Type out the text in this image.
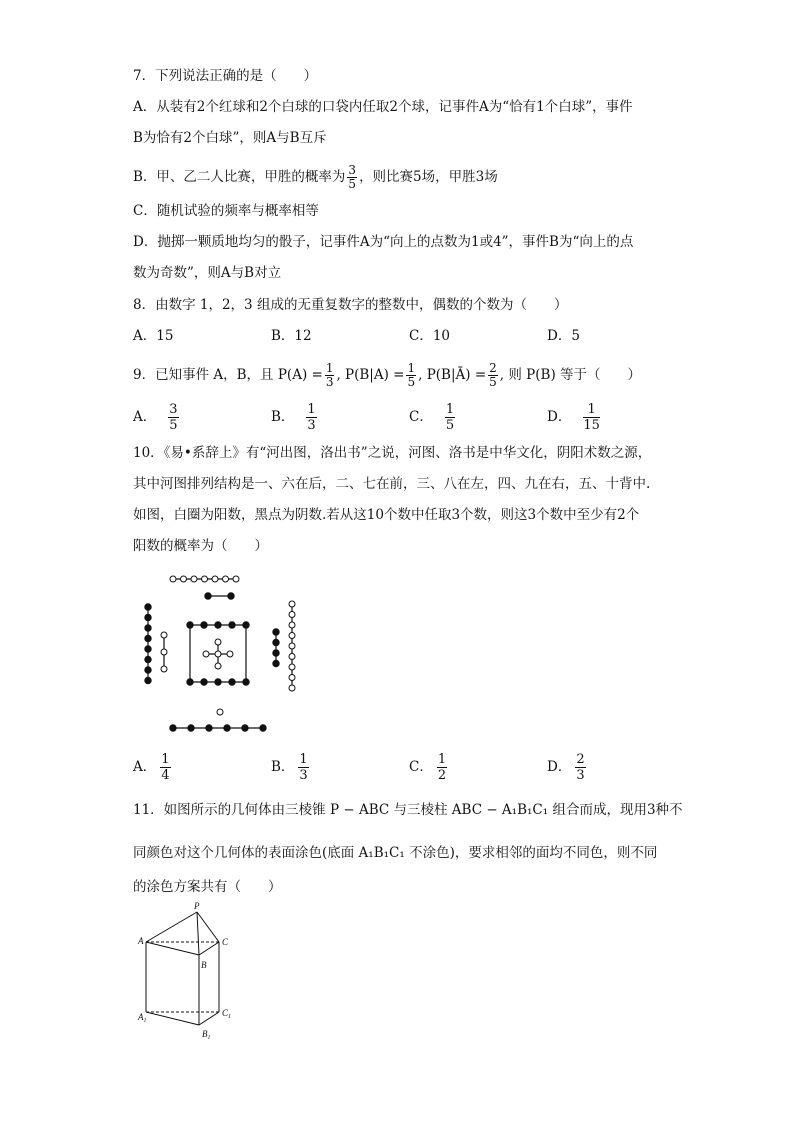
7．下列说法正确的是（　　）
A．从装有2个红球和2个白球的口袋内任取2个球，记事件A为“恰有1个白球”，事件
B为恰有2个白球”，则A与B互斥
B．甲、乙二人比赛，甲胜的概率为 $\frac{3}{5}$ ，则比赛5场，甲胜3场
C．随机试验的频率与概率相等
D．抛掷一颗质地均匀的骰子，记事件A为“向上的点数为1或4”，事件B为“向上的点
数为奇数”，则A与B对立
8．由数字 1，2，3 组成的无重复数字的整数中，偶数的个数为（　　）
A．15	B．12	C．10	D．5
9．已知事件 A，B，且 $P(A) = \frac{1}{3}$ , $P(B|A) = \frac{1}{5}$ , P(B|Ā) = $\frac{2}{5}$ , 则 P(B) 等于（　　）
A． $\frac{3}{5}$	B． $\frac{1}{3}$	C． $\frac{1}{5}$	D． $\frac{1}{15}$
10．《易•系辞上》有“河出图，洛出书”之说，河图、洛书是中华文化，阴阳术数之源，
其中河图排列结构是一、六在后，二、七在前，三、八在左，四、九在右，五、十背中.
如图，白圈为阳数，黑点为阴数.若从这10个数中任取3个数，则这3个数中至少有2个
阳数的概率为（　　）
A． $\frac{1}{4}$	B． $\frac{1}{3}$	C． $\frac{1}{2}$	D． $\frac{2}{3}$
11．如图所示的几何体由三棱锥 P − ABC 与三棱柱 ABC − A₁B₁C₁ 组合而成，现用3种不
同颜色对这个几何体的表面涂色(底面 A₁B₁C₁ 不涂色)，要求相邻的面均不同色，则不同
的涂色方案共有（　　）
P
A	C
B
$A_1$
$C_1$
$B_1$
